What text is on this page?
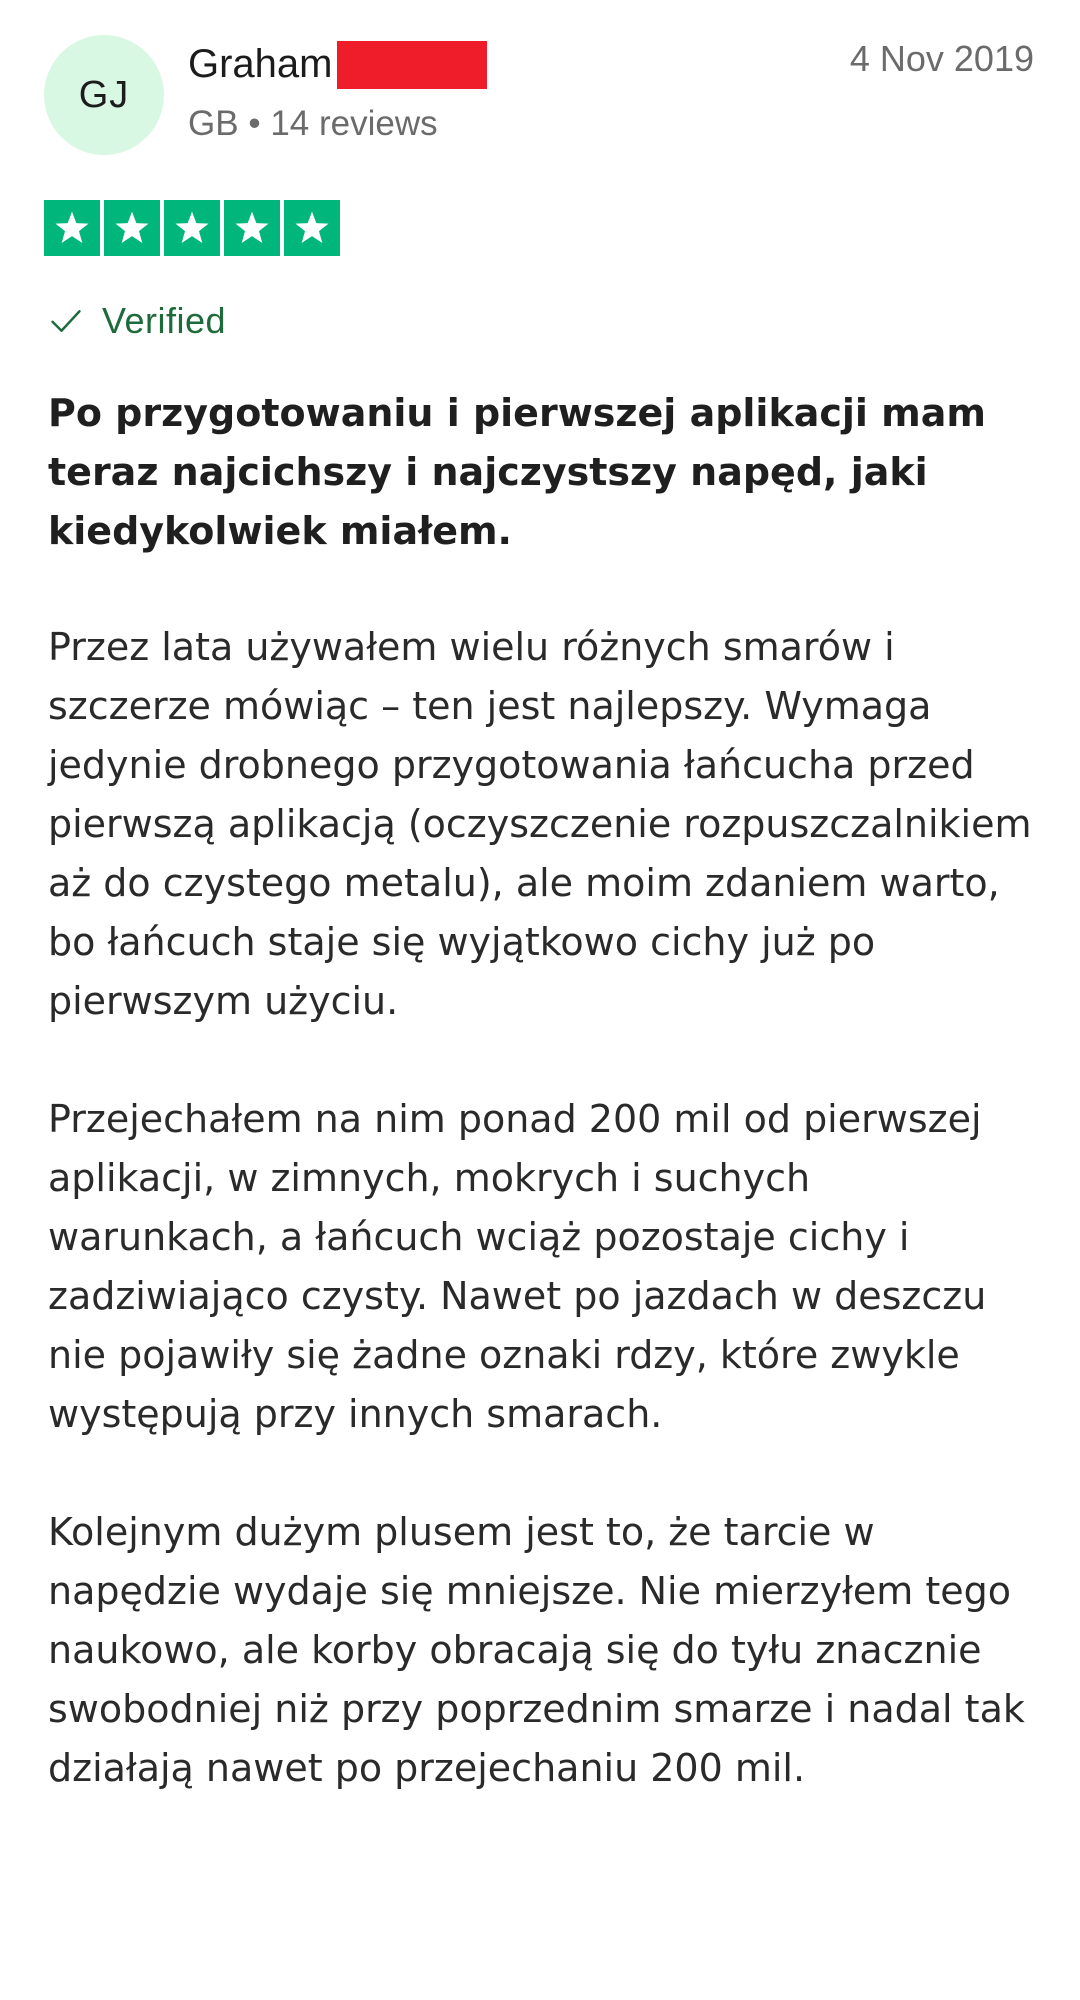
GJ
Graham
GB • 14 reviews
4 Nov 2019
Verified
Po przygotowaniu i pierwszej aplikacji mam teraz najcichszy i najczystszy napęd, jaki kiedykolwiek miałem.

Przez lata używałem wielu różnych smarów i szczerze mówiąc – ten jest najlepszy. Wymaga jedynie drobnego przygotowania łańcucha przed pierwszą aplikacją (oczyszczenie rozpuszczalnikiem aż do czystego metalu), ale moim zdaniem warto, bo łańcuch staje się wyjątkowo cichy już po pierwszym użyciu.

Przejechałem na nim ponad 200 mil od pierwszej aplikacji, w zimnych, mokrych i suchych warunkach, a łańcuch wciąż pozostaje cichy i zadziwiająco czysty. Nawet po jazdach w deszczu nie pojawiły się żadne oznaki rdzy, które zwykle występują przy innych smarach.

Kolejnym dużym plusem jest to, że tarcie w napędzie wydaje się mniejsze. Nie mierzyłem tego naukowo, ale korby obracają się do tyłu znacznie swobodniej niż przy poprzednim smarze i nadal tak działają nawet po przejechaniu 200 mil.
